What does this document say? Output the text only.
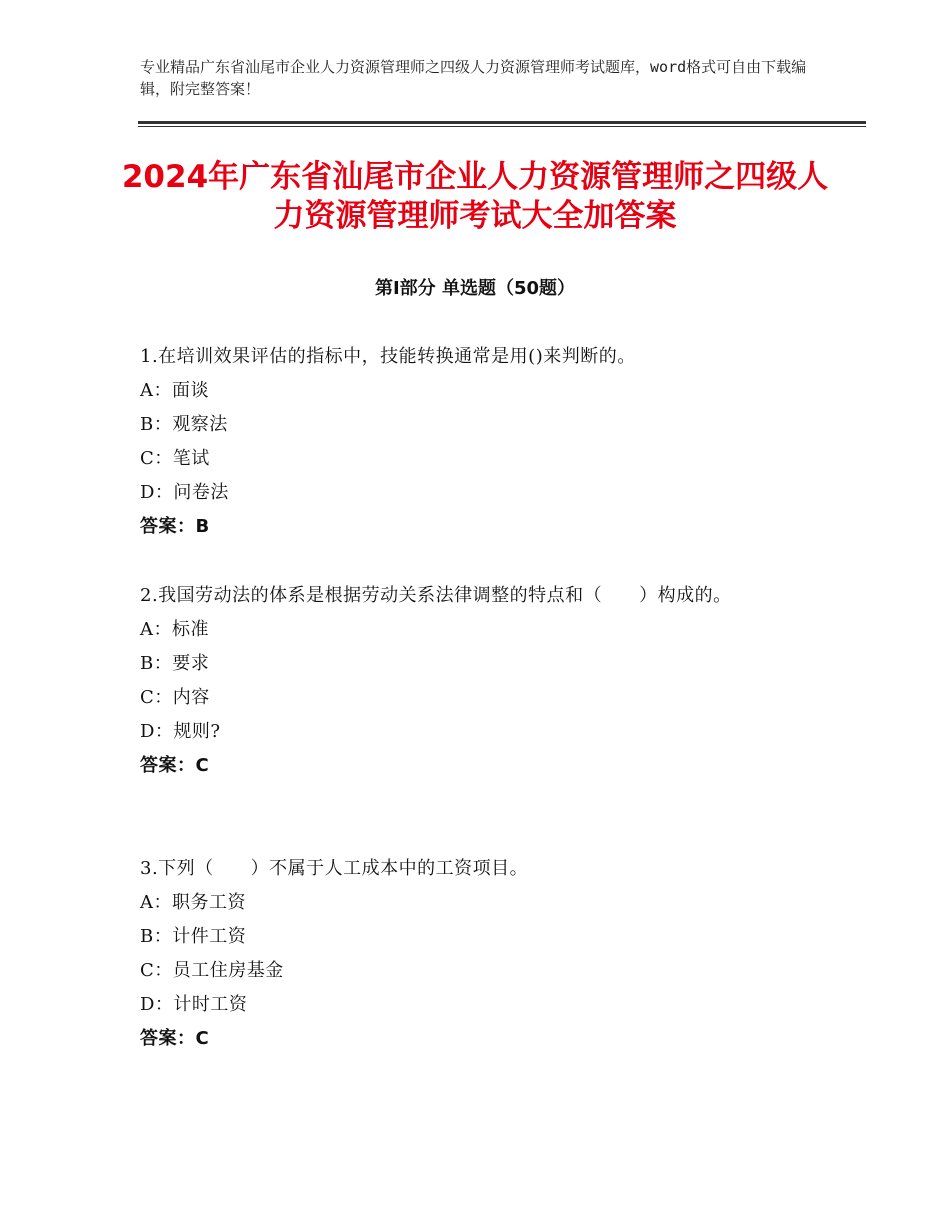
专业精品广东省汕尾市企业人力资源管理师之四级人力资源管理师考试题库，word格式可自由下载编辑，附完整答案！
2024年广东省汕尾市企业人力资源管理师之四级人力资源管理师考试大全加答案
第Ⅰ部分 单选题（50题）

1.在培训效果评估的指标中，技能转换通常是用()来判断的。

A：面谈

B：观察法

C：笔试

D：问卷法

答案：B

2.我国劳动法的体系是根据劳动关系法律调整的特点和（　　）构成的。

A：标准

B：要求

C：内容

D：规则?

答案：C

3.下列（　　）不属于人工成本中的工资项目。

A：职务工资

B：计件工资

C：员工住房基金

D：计时工资

答案：C
